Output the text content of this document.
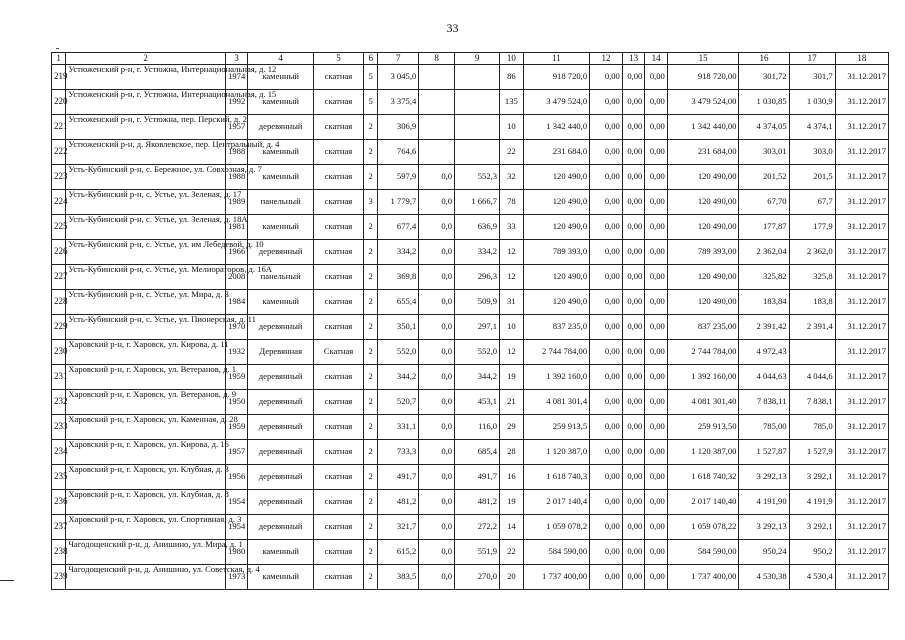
33
1	2	3	4	5	6	7	8	9	10	11	12	13	14	15	16	17	18
219	Устюженский р-н, г. Устюжна, Интернациональная, д. 12	1974	каменный	скатная	5	3 045,0			86	918 720,0	0,00	0,00	0,00	918 720,00	301,72	301,7	31.12.2017
220	Устюженский р-н, г. Устюжна, Интернациональная, д. 15	1992	каменный	скатная	5	3 375,4			135	3 479 524,0	0,00	0,00	0,00	3 479 524,00	1 030,85	1 030,9	31.12.2017
221	Устюженский р-н, г. Устюжна, пер. Перский, д. 2	1957	деревянный	скатная	2	306,9			10	1 342 440,0	0,00	0,00	0,00	1 342 440,00	4 374,05	4 374,1	31.12.2017
222	Устюженский р-н, д. Яковлевское, пер. Центральный, д. 4	1988	каменный	скатная	2	764,6			22	231 684,0	0,00	0,00	0,00	231 684,00	303,01	303,0	31.12.2017
223	Усть-Кубинский р-н, с. Бережное, ул. Совхозная, д. 7	1988	каменный	скатная	2	597,9	0,0	552,3	32	120 490,0	0,00	0,00	0,00	120 490,00	201,52	201,5	31.12.2017
224	Усть-Кубинский р-н, с. Устье, ул. Зеленая, д. 17	1989	панельный	скатная	3	1 779,7	0,0	1 666,7	78	120 490,0	0,00	0,00	0,00	120 490,00	67,70	67,7	31.12.2017
225	Усть-Кубинский р-н, с. Устье, ул. Зеленая, д. 18А	1981	каменный	скатная	2	677,4	0,0	636,9	33	120 490,0	0,00	0,00	0,00	120 490,00	177,87	177,9	31.12.2017
226	Усть-Кубинский р-н, с. Устье, ул. им Лебедевой, д. 10	1966	деревянный	скатная	2	334,2	0,0	334,2	12	789 393,0	0,00	0,00	0,00	789 393,00	2 362,04	2 362,0	31.12.2017
227	Усть-Кубинский р-н, с. Устье, ул. Мелиораторов, д. 16А	2008	панельный	скатная	2	369,8	0,0	296,3	12	120 490,0	0,00	0,00	0,00	120 490,00	325,82	325,8	31.12.2017
228	Усть-Кубинский р-н, с. Устье, ул. Мира, д. 3	1984	каменный	скатная	2	655,4	0,0	509,9	31	120 490,0	0,00	0,00	0,00	120 490,00	183,84	183,8	31.12.2017
229	Усть-Кубинский р-н, с. Устье, ул. Пионерская, д. 11	1970	деревянный	скатная	2	350,1	0,0	297,1	10	837 235,0	0,00	0,00	0,00	837 235,00	2 391,42	2 391,4	31.12.2017
230	Харовский р-н, г. Харовск, ул. Кирова, д. 11	1932	Деревянная	Скатная	2	552,0	0,0	552,0	12	2 744 784,00	0,00	0,00	0,00	2 744 784,00	4 972,43		31.12.2017
231	Харовский р-н, г. Харовск, ул. Ветеранов, д. 1	1959	деревянный	скатная	2	344,2	0,0	344,2	19	1 392 160,0	0,00	0,00	0,00	1 392 160,00	4 044,63	4 044,6	31.12.2017
232	Харовский р-н, г. Харовск, ул. Ветеранов, д. 9	1950	деревянный	скатная	2	520,7	0,0	453,1	21	4 081 301,4	0,00	0,00	0,00	4 081 301,40	7 838,11	7 838,1	31.12.2017
233	Харовский р-н, г. Харовск, ул. Каменная, д. 28	1959	деревянный	скатная	2	331,1	0,0	116,0	29	259 913,5	0,00	0,00	0,00	259 913,50	785,00	785,0	31.12.2017
234	Харовский р-н, г. Харовск, ул. Кирова, д. 16	1957	деревянный	скатная	2	733,3	0,0	685,4	28	1 120 387,0	0,00	0,00	0,00	1 120 387,00	1 527,87	1 527,9	31.12.2017
235	Харовский р-н, г. Харовск, ул. Клубная, д. 3	1956	деревянный	скатная	2	491,7	0,0	491,7	16	1 618 740,3	0,00	0,00	0,00	1 618 740,32	3 292,13	3 292,1	31.12.2017
236	Харовский р-н, г. Харовск, ул. Клубная, д. 8	1954	деревянный	скатная	2	481,2	0,0	481,2	19	2 017 140,4	0,00	0,00	0,00	2 017 140,40	4 191,90	4 191,9	31.12.2017
237	Харовский р-н, г. Харовск, ул. Спортивная, д. 3	1954	деревянный	скатная	2	321,7	0,0	272,2	14	1 059 078,2	0,00	0,00	0,00	1 059 078,22	3 292,13	3 292,1	31.12.2017
238	Чагодощенский р-н, д. Анишино, ул. Мира, д. 1	1980	каменный	скатная	2	615,2	0,0	551,9	22	584 590,00	0,00	0,00	0,00	584 590,00	950,24	950,2	31.12.2017
239	Чагодощенский р-н, д. Анишино, ул. Советская, д. 4	1973	каменный	скатная	2	383,5	0,0	270,0	20	1 737 400,00	0,00	0,00	0,00	1 737 400,00	4 530,38	4 530,4	31.12.2017
